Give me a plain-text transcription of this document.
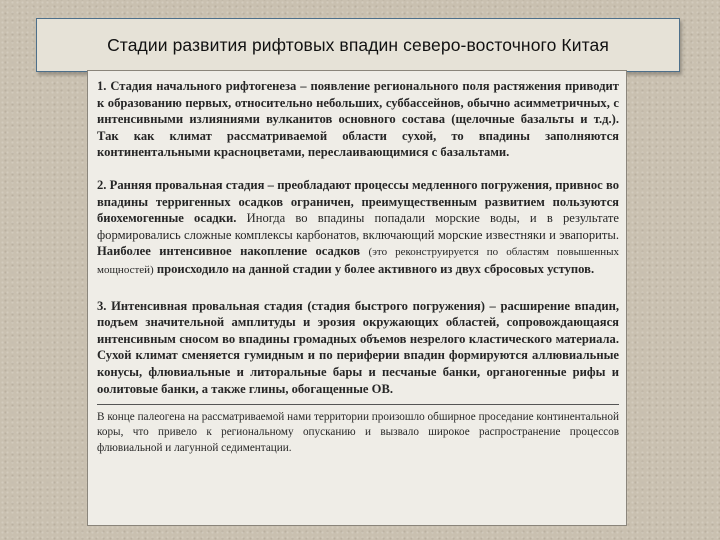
Стадии развития рифтовых впадин северо-восточного Китая

1. Стадия начального рифтогенеза – появление регионального поля растяжения приводит к образованию первых, относительно небольших, суббассейнов, обычно асимметричных, с интенсивными излияниями вулканитов основного состава (щелочные базальты и т.д.). Так как климат рассматриваемой области сухой, то впадины заполняются континентальными красноцветами, переслаивающимися с базальтами.

2. Ранняя провальная стадия – преобладают процессы медленного погружения, привнос во впадины терригенных осадков ограничен, преимущественным развитием пользуются биохемогенные осадки. Иногда во впадины попадали морские воды, и в результате формировались сложные комплексы карбонатов, включающий морские известняки и эвапориты. Наиболее интенсивное накопление осадков (это реконструируется по областям повышенных мощностей) происходило на данной стадии у более активного из двух сбросовых уступов.

3. Интенсивная провальная стадия (стадия быстрого погружения) – расширение впадин, подъем значительной амплитуды и эрозия окружающих областей, сопровождающаяся интенсивным сносом во впадины громадных объемов незрелого кластического материала. Сухой климат сменяется гумидным и по периферии впадин формируются аллювиальные конусы, флювиальные и литоральные бары и песчаные банки, органогенные рифы и оолитовые банки, а также глины, обогащенные ОВ.

В конце палеогена на рассматриваемой нами территории произошло обширное проседание континентальной коры, что привело к региональному опусканию и вызвало широкое распространение процессов флювиальной и лагунной седиментации.
